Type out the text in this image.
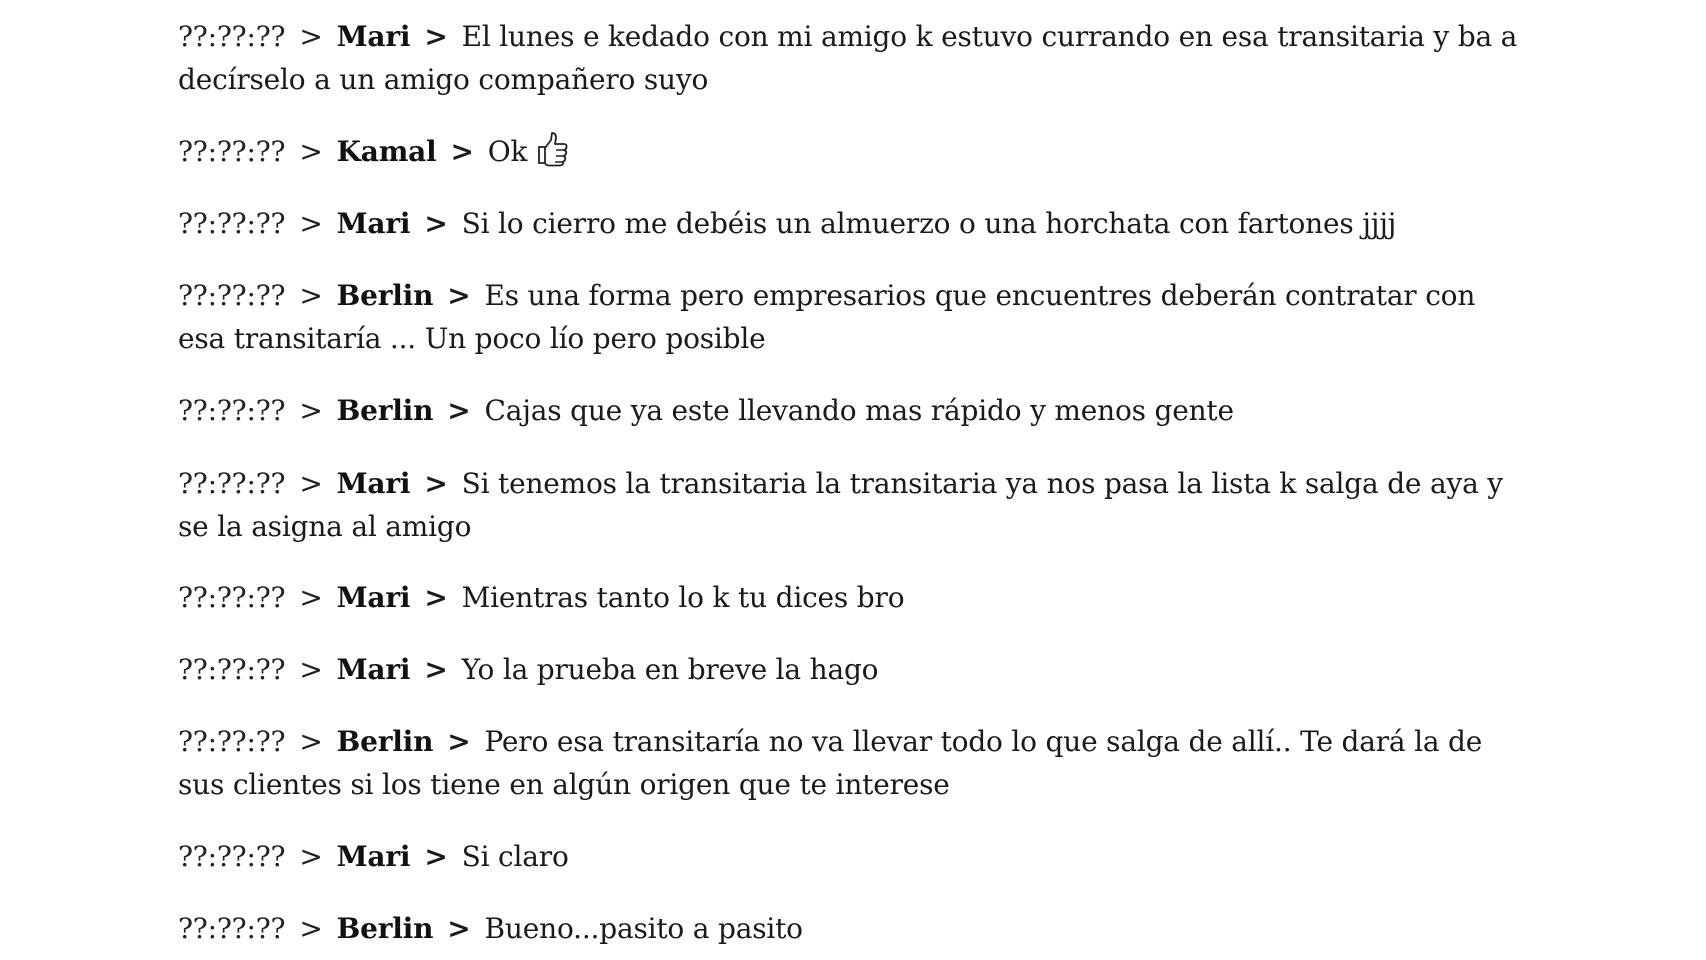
??:??:?? > Mari > El lunes e kedado con mi amigo k estuvo currando en esa transitaria y ba a decírselo a un amigo compañero suyo

??:??:?? > Kamal > Ok

??:??:?? > Mari > Si lo cierro me debéis un almuerzo o una horchata con fartones jjjj

??:??:?? > Berlin > Es una forma pero empresarios que encuentres deberán contratar con esa transitaría ... Un poco lío pero posible

??:??:?? > Berlin > Cajas que ya este llevando mas rápido y menos gente

??:??:?? > Mari > Si tenemos la transitaria la transitaria ya nos pasa la lista k salga de aya y se la asigna al amigo

??:??:?? > Mari > Mientras tanto lo k tu dices bro

??:??:?? > Mari > Yo la prueba en breve la hago

??:??:?? > Berlin > Pero esa transitaría no va llevar todo lo que salga de allí.. Te dará la de sus clientes si los tiene en algún origen que te interese

??:??:?? > Mari > Si claro

??:??:?? > Berlin > Bueno...pasito a pasito
